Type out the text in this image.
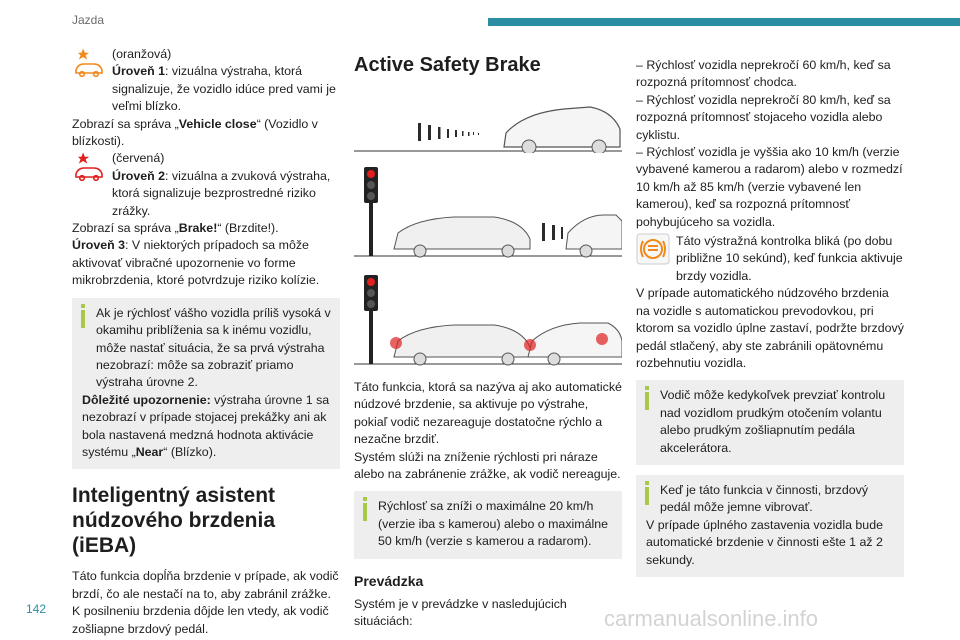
Jazda
142	carmanualsonline.info

(oranžová)

Úroveň 1: vizuálna výstraha, ktorá signalizuje, že vozidlo idúce pred vami je veľmi blízko.

Zobrazí sa správa „Vehicle close“ (Vozidlo v blízkosti).

(červená)

Úroveň 2: vizuálna a zvuková výstraha, ktorá signalizuje bezprostredné riziko zrážky.

Zobrazí sa správa „Brake!“ (Brzdite!).

Úroveň 3: V niektorých prípadoch sa môže aktivovať vibračné upozornenie vo forme mikrobrzdenia, ktoré potvrdzuje riziko kolízie.

Ak je rýchlosť vášho vozidla príliš vysoká v okamihu priblíženia sa k inému vozidlu, môže nastať situácia, že sa prvá výstraha nezobrazí: môže sa zobraziť priamo výstraha úrovne 2.

Dôležité upozornenie: výstraha úrovne 1 sa nezobrazí v prípade stojacej prekážky ani ak bola nastavená medzná hodnota aktivácie systému „Near“ (Blízko).

Inteligentný asistent núdzového brzdenia (iEBA)

Táto funkcia dopĺňa brzdenie v prípade, ak vodič brzdí, čo ale nestačí na to, aby zabránil zrážke. K posilneniu brzdenia dôjde len vtedy, ak vodič zošliapne brzdový pedál.

Active Safety Brake

Táto funkcia, ktorá sa nazýva aj ako automatické núdzové brzdenie, sa aktivuje po výstrahe, pokiaľ vodič nezareaguje dostatočne rýchlo a nezačne brzdiť.

Systém slúži na zníženie rýchlosti pri náraze alebo na zabránenie zrážke, ak vodič nereaguje.

Rýchlosť sa zníži o maximálne 20 km/h (verzie iba s kamerou) alebo o maximálne 50 km/h (verzie s kamerou a radarom).

Prevádzka

Systém je v prevádzke v nasledujúcich situáciách:

– Rýchlosť vozidla neprekročí 60 km/h, keď sa rozpozná prítomnosť chodca.

– Rýchlosť vozidla neprekročí 80 km/h, keď sa rozpozná prítomnosť stojaceho vozidla alebo cyklistu.

– Rýchlosť vozidla je vyššia ako 10 km/h (verzie vybavené kamerou a radarom) alebo v rozmedzí 10 km/h až 85 km/h (verzie vybavené len kamerou), keď sa rozpozná prítomnosť pohybujúceho sa vozidla.

Táto výstražná kontrolka bliká (po dobu približne 10 sekúnd), keď funkcia aktivuje brzdy vozidla.

V prípade automatického núdzového brzdenia na vozidle s automatickou prevodovkou, pri ktorom sa vozidlo úplne zastaví, podržte brzdový pedál stlačený, aby ste zabránili opätovnému rozbehnutiu vozidla.

Vodič môže kedykoľvek prevziať kontrolu nad vozidlom prudkým otočením volantu alebo prudkým zošliapnutím pedála akcelerátora.

Keď je táto funkcia v činnosti, brzdový pedál môže jemne vibrovať.

V prípade úplného zastavenia vozidla bude automatické brzdenie v činnosti ešte 1 až 2 sekundy.
